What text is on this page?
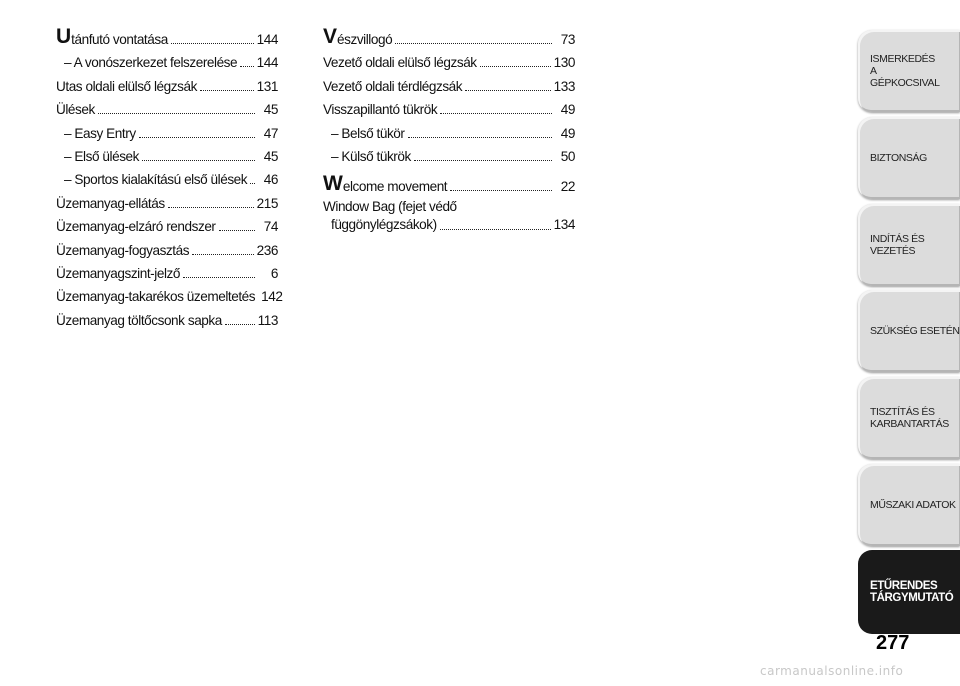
U tánfutó vontatása	144
– A vonószerkezet felszerelése 144
Utas oldali elülső légzsák	131
Ülések	45
– Easy Entry	47
– Első ülések	45
– Sportos kialakítású első ülések	46
Üzemanyag-ellátás	215
Üzemanyag-elzáró rendszer	74
Üzemanyag-fogyasztás	236
Üzemanyagszint-jelző	6
Üzemanyag-takarékos üzemeltetés 142
Üzemanyag töltőcsonk sapka	113
V észvillogó	73
Vezető oldali elülső légzsák	130
Vezető oldali térdlégzsák	133
Visszapillantó tükrök	49
– Belső tükör	49
– Külső tükrök	50
W elcome movement	22
Window Bag (fejet védő
függönylégzsákok)	134
ISMERKEDÉS A GÉPKOCSIVAL
BIZTONSÁG
INDÍTÁS ÉS VEZETÉS
SZÜKSÉG ESETÉN
TISZTÍTÁS ÉS KARBANTARTÁS
MŰSZAKI ADATOK
ETŰRENDES TÁRGYMUTATÓ
277
carmanualsonline.info
